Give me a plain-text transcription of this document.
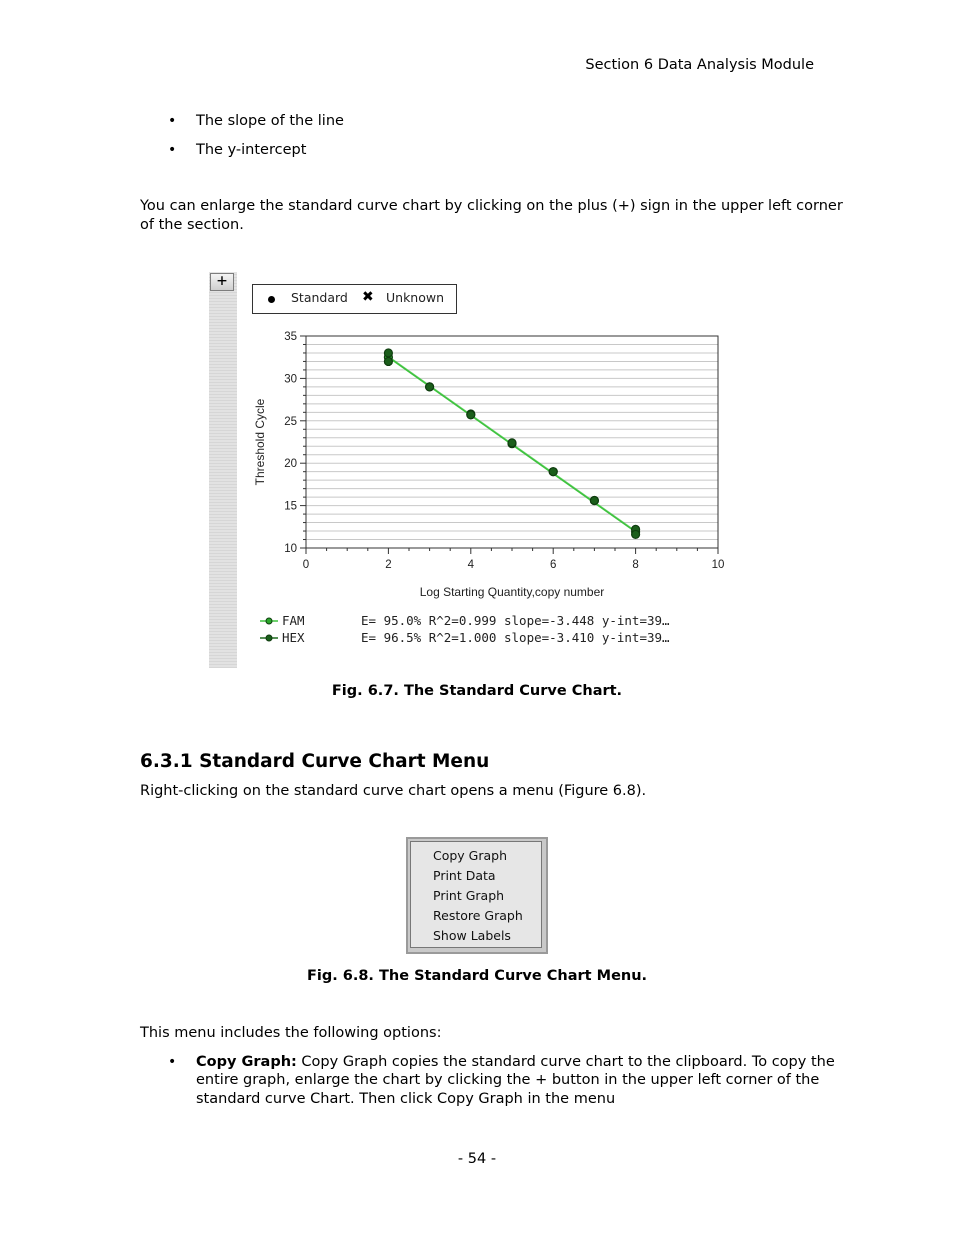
Section 6 Data Analysis Module
• The slope of the line
• The y-intercept
You can enlarge the standard curve chart by clicking on the plus (+) sign in the upper left corner
of the section.
+
Standard ✖ Unknown
10
15
20
25
30
35
0	2	4	6	8	10
Threshold Cycle
Log Starting Quantity,copy number
FAM	E= 95.0% R^2=0.999 slope=-3.448 y-int=39…
HEX	E= 96.5% R^2=1.000 slope=-3.410 y-int=39…
Fig. 6.7. The Standard Curve Chart.
6.3.1 Standard Curve Chart Menu
Right-clicking on the standard curve chart opens a menu (Figure 6.8).
Copy Graph
Print Data
Print Graph
Restore Graph
Show Labels
Fig. 6.8. The Standard Curve Chart Menu.
This menu includes the following options:
• Copy Graph: Copy Graph copies the standard curve chart to the clipboard. To copy the
entire graph, enlarge the chart by clicking the + button in the upper left corner of the
standard curve Chart. Then click Copy Graph in the menu
- 54 -
